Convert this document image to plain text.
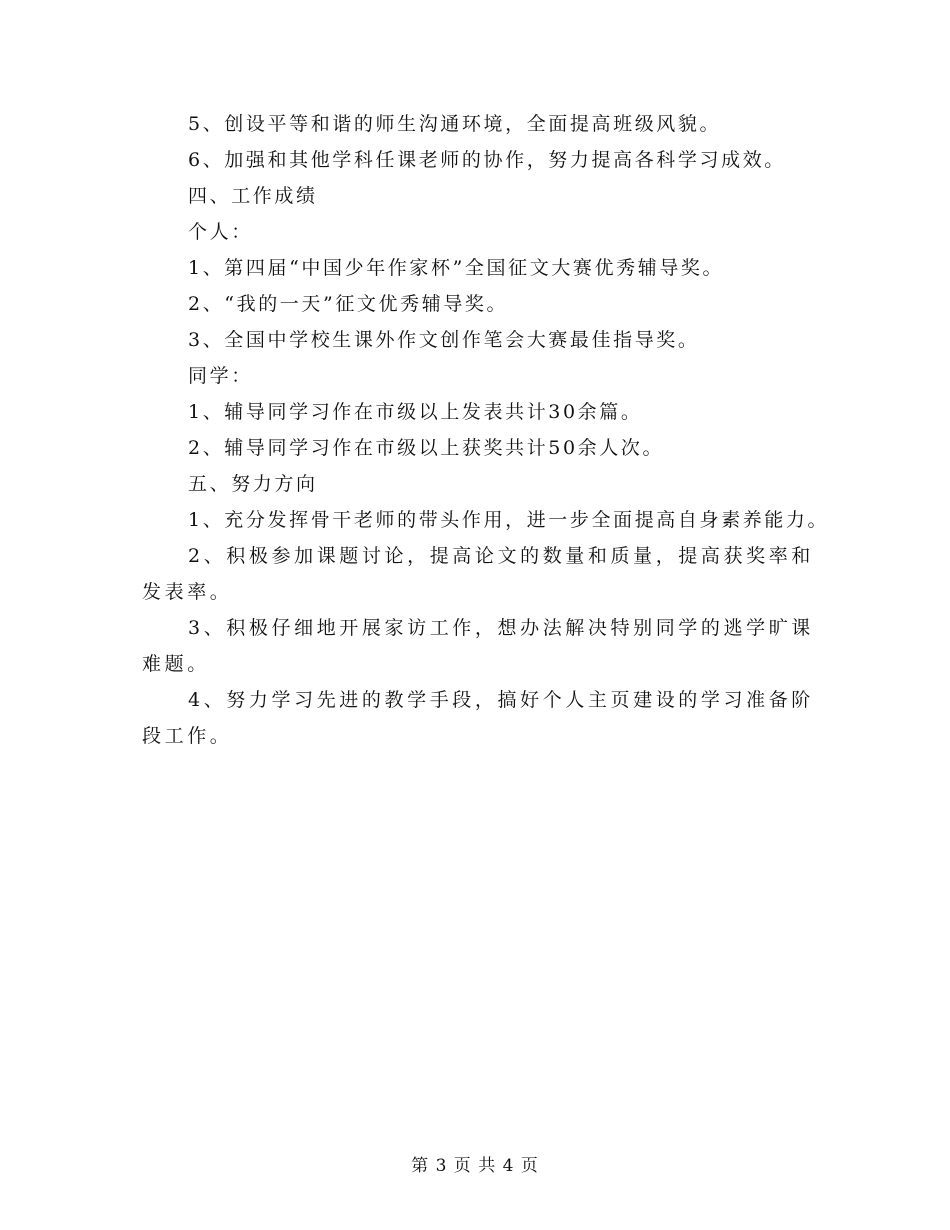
5、创设平等和谐的师生沟通环境，全面提高班级风貌。
6、加强和其他学科任课老师的协作，努力提高各科学习成效。
四、工作成绩
个人：
1、第四届“中国少年作家杯”全国征文大赛优秀辅导奖。
2、“我的一天”征文优秀辅导奖。
3、全国中学校生课外作文创作笔会大赛最佳指导奖。
同学：
1、辅导同学习作在市级以上发表共计30余篇。
2、辅导同学习作在市级以上获奖共计50余人次。
五、努力方向
1、充分发挥骨干老师的带头作用，进一步全面提高自身素养能力。
2、积极参加课题讨论，提高论文的数量和质量，提高获奖率和发表率。
3、积极仔细地开展家访工作，想办法解决特别同学的逃学旷课难题。
4、努力学习先进的教学手段，搞好个人主页建设的学习准备阶段工作。
第 3 页 共 4 页
